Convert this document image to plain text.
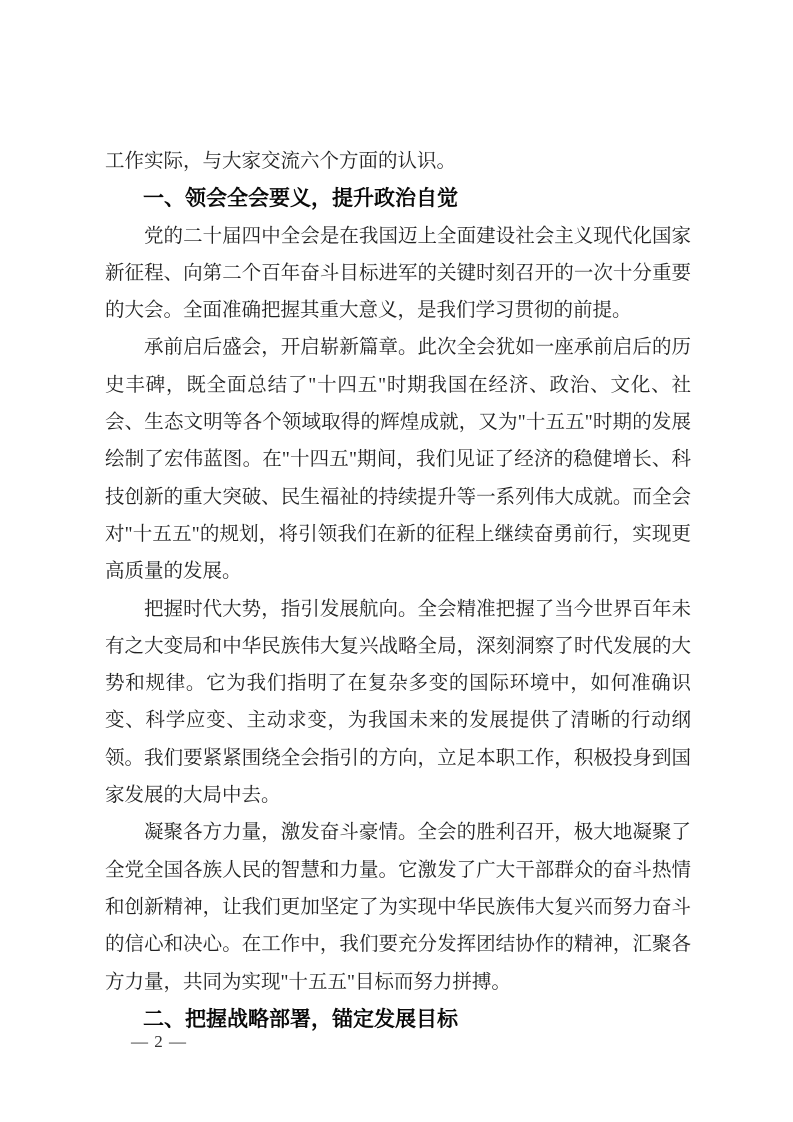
工作实际，与大家交流六个方面的认识。

一、领会全会要义，提升政治自觉

党的二十届四中全会是在我国迈上全面建设社会主义现代化国家新征程、向第二个百年奋斗目标进军的关键时刻召开的一次十分重要的大会。全面准确把握其重大意义，是我们学习贯彻的前提。

承前启后盛会，开启崭新篇章。此次全会犹如一座承前启后的历史丰碑，既全面总结了"十四五"时期我国在经济、政治、文化、社会、生态文明等各个领域取得的辉煌成就，又为"十五五"时期的发展绘制了宏伟蓝图。在"十四五"期间，我们见证了经济的稳健增长、科技创新的重大突破、民生福祉的持续提升等一系列伟大成就。而全会对"十五五"的规划，将引领我们在新的征程上继续奋勇前行，实现更高质量的发展。

把握时代大势，指引发展航向。全会精准把握了当今世界百年未有之大变局和中华民族伟大复兴战略全局，深刻洞察了时代发展的大势和规律。它为我们指明了在复杂多变的国际环境中，如何准确识变、科学应变、主动求变，为我国未来的发展提供了清晰的行动纲领。我们要紧紧围绕全会指引的方向，立足本职工作，积极投身到国家发展的大局中去。

凝聚各方力量，激发奋斗豪情。全会的胜利召开，极大地凝聚了全党全国各族人民的智慧和力量。它激发了广大干部群众的奋斗热情和创新精神，让我们更加坚定了为实现中华民族伟大复兴而努力奋斗的信心和决心。在工作中，我们要充分发挥团结协作的精神，汇聚各方力量，共同为实现"十五五"目标而努力拼搏。

二、把握战略部署，锚定发展目标

— 2 —
